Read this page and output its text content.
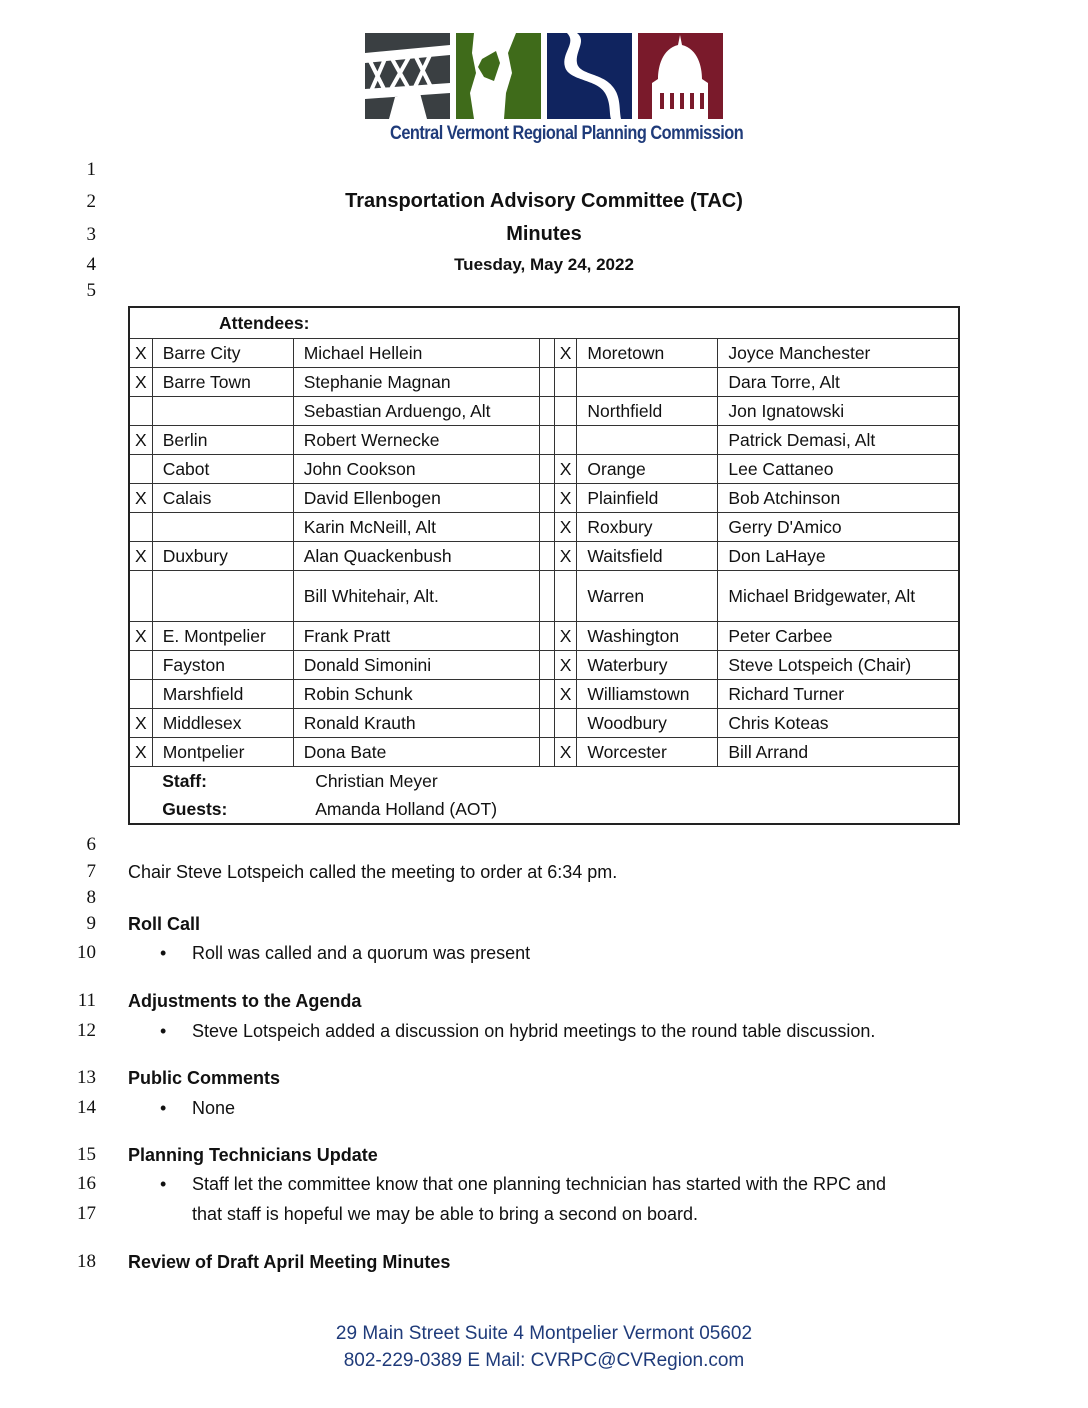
Central Vermont Regional Planning Commission
1
2
3
4
5
6
7
8
9
10
11
12
13
14
15
16
17
18
Transportation Advisory Committee (TAC)
Minutes
Tuesday, May 24, 2022
Attendees:						
X	Barre City	Michael Hellein		X	Moretown	Joyce Manchester
X	Barre Town	Stephanie Magnan				Dara Torre, Alt
		Sebastian Arduengo, Alt			Northfield	Jon Ignatowski
X	Berlin	Robert Wernecke				Patrick Demasi, Alt
	Cabot	John Cookson		X	Orange	Lee Cattaneo
X	Calais	David Ellenbogen		X	Plainfield	Bob Atchinson
		Karin McNeill, Alt		X	Roxbury	Gerry D'Amico
X	Duxbury	Alan Quackenbush		X	Waitsfield	Don LaHaye
		Bill Whitehair, Alt.			Warren	Michael Bridgewater, Alt
X	E. Montpelier	Frank Pratt		X	Washington	Peter Carbee
	Fayston	Donald Simonini		X	Waterbury	Steve Lotspeich (Chair)
	Marshfield	Robin Schunk		X	Williamstown	Richard Turner
X	Middlesex	Ronald Krauth			Woodbury	Chris Koteas
X	Montpelier	Dona Bate		X	Worcester	Bill Arrand
	Staff:	Christian Meyer				
	Guests:	Amanda Holland (AOT)				
Chair Steve Lotspeich called the meeting to order at 6:34 pm.
Roll Call
• Roll was called and a quorum was present
Adjustments to the Agenda
• Steve Lotspeich added a discussion on hybrid meetings to the round table discussion.
Public Comments
• None
Planning Technicians Update
• Staff let the committee know that one planning technician has started with the RPC and
that staff is hopeful we may be able to bring a second on board.
Review of Draft April Meeting Minutes
29 Main Street Suite 4 Montpelier Vermont 05602
802-229-0389 E Mail: CVRPC@CVRegion.com
